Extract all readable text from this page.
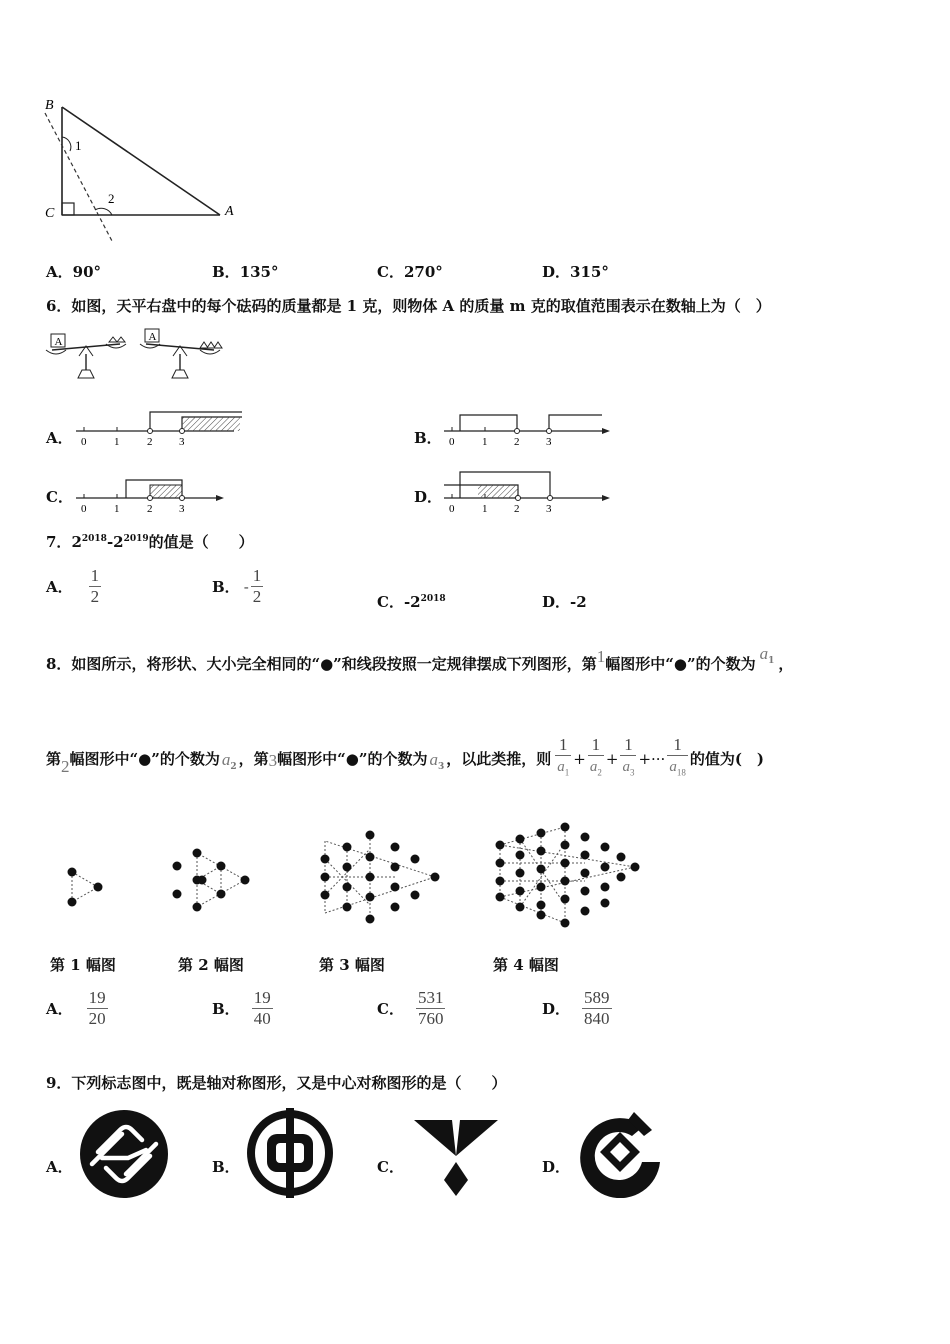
B
C	A
1
2
A．90°	B．135°	C．270°	D．315°
6．如图，天平右盘中的每个砝码的质量都是 1 克，则物体 A 的质量 m 克的取值范围表示在数轴上为（　）
A	A
A．	B．
C．	D．
0	1	2 3	0	1 2 3
0	1	2 3	0	1 2 3
7．$2^{2018}-2^{2019}$的值是（　　）
A． $\frac{1}{2}$	B． - $\frac{1}{2}$	C．$-2^{2018}$	D．-2
8．如图所示，将形状、大小完全相同的“●”和线段按照一定规律摆成下列图形，第 1 幅图形中“●”的个数为
$a_1$ ，
第 2 幅图形中“●”的个数为 $a_2$ ，第 3 幅图形中“●”的个数为 $a_3$ ，以此类推，则 $\frac{1}{a_1} + \frac{1}{a_2} + \frac{1}{a_3}$ +··· $\frac{1}{a_{18}}$ 的值为(　)
第 1 幅图	第 2 幅图	第 3 幅图	第 4 幅图
A． $\frac{19}{20}$	B． $\frac{19}{40}$	C． $\frac{531}{760}$	D． $\frac{589}{840}$
9．下列标志图中，既是轴对称图形，又是中心对称图形的是（　　）
A．	B．	C．	D．
